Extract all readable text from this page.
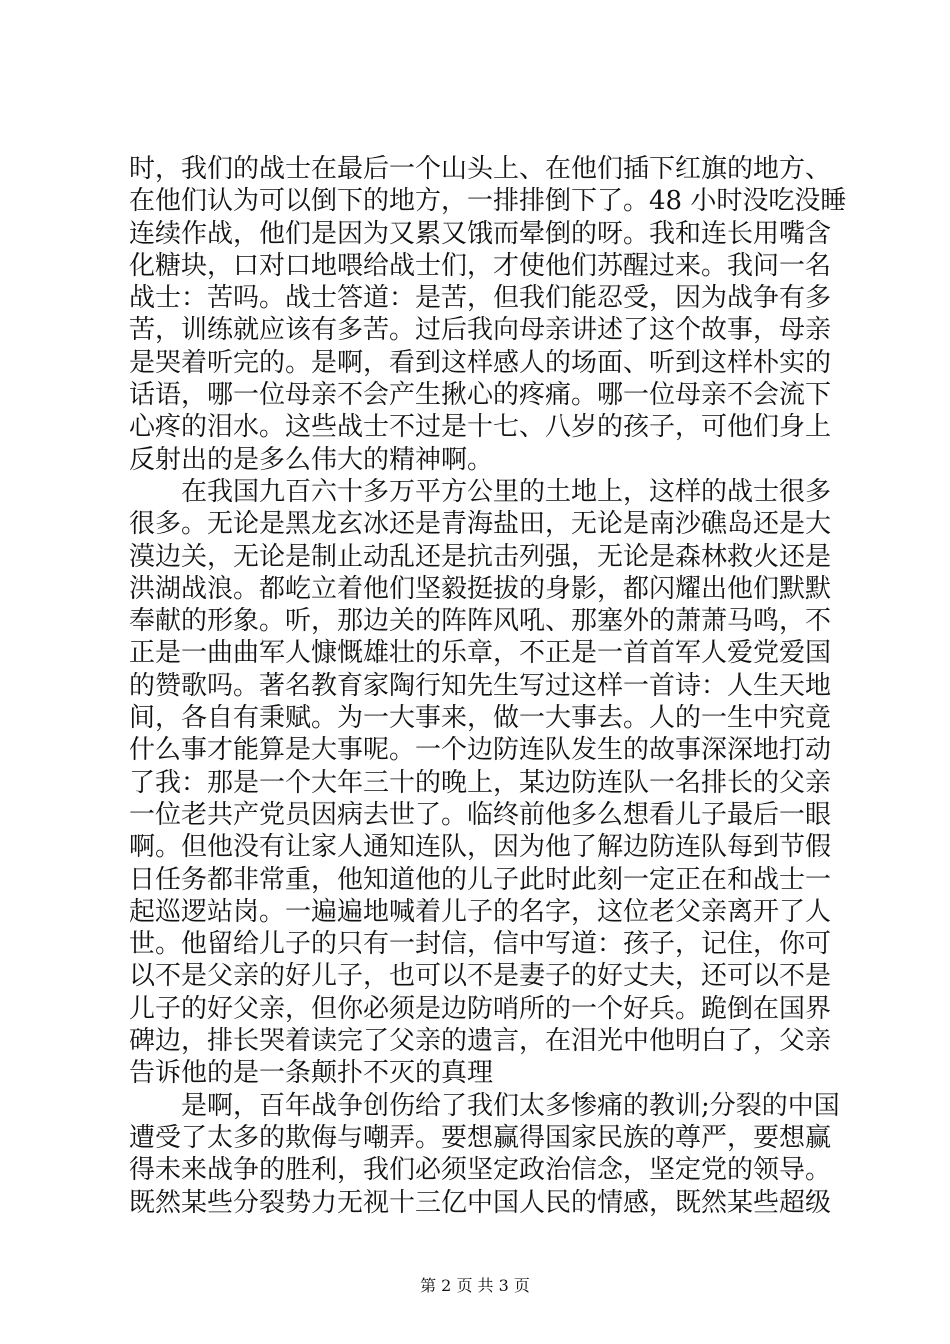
时，我们的战士在最后一个山头上、在他们插下红旗的地方、
在他们认为可以倒下的地方，一排排倒下了。48 小时没吃没睡
连续作战，他们是因为又累又饿而晕倒的呀。我和连长用嘴含
化糖块，口对口地喂给战士们，才使他们苏醒过来。我问一名
战士：苦吗。战士答道：是苦，但我们能忍受，因为战争有多
苦，训练就应该有多苦。过后我向母亲讲述了这个故事，母亲
是哭着听完的。是啊，看到这样感人的场面、听到这样朴实的
话语，哪一位母亲不会产生揪心的疼痛。哪一位母亲不会流下
心疼的泪水。这些战士不过是十七、八岁的孩子，可他们身上
反射出的是多么伟大的精神啊。
　　在我国九百六十多万平方公里的土地上，这样的战士很多
很多。无论是黑龙玄冰还是青海盐田，无论是南沙礁岛还是大
漠边关，无论是制止动乱还是抗击列强，无论是森林救火还是
洪湖战浪。都屹立着他们坚毅挺拔的身影，都闪耀出他们默默
奉献的形象。听，那边关的阵阵风吼、那塞外的萧萧马鸣，不
正是一曲曲军人慷慨雄壮的乐章，不正是一首首军人爱党爱国
的赞歌吗。著名教育家陶行知先生写过这样一首诗：人生天地
间，各自有秉赋。为一大事来，做一大事去。人的一生中究竟
什么事才能算是大事呢。一个边防连队发生的故事深深地打动
了我：那是一个大年三十的晚上，某边防连队一名排长的父亲
一位老共产党员因病去世了。临终前他多么想看儿子最后一眼
啊。但他没有让家人通知连队，因为他了解边防连队每到节假
日任务都非常重，他知道他的儿子此时此刻一定正在和战士一
起巡逻站岗。一遍遍地喊着儿子的名字，这位老父亲离开了人
世。他留给儿子的只有一封信，信中写道：孩子，记住，你可
以不是父亲的好儿子，也可以不是妻子的好丈夫，还可以不是
儿子的好父亲，但你必须是边防哨所的一个好兵。跪倒在国界
碑边，排长哭着读完了父亲的遗言，在泪光中他明白了，父亲
告诉他的是一条颠扑不灭的真理
　　是啊，百年战争创伤给了我们太多惨痛的教训;分裂的中国
遭受了太多的欺侮与嘲弄。要想赢得国家民族的尊严，要想赢
得未来战争的胜利，我们必须坚定政治信念，坚定党的领导。
既然某些分裂势力无视十三亿中国人民的情感，既然某些超级
第 2 页 共 3 页
